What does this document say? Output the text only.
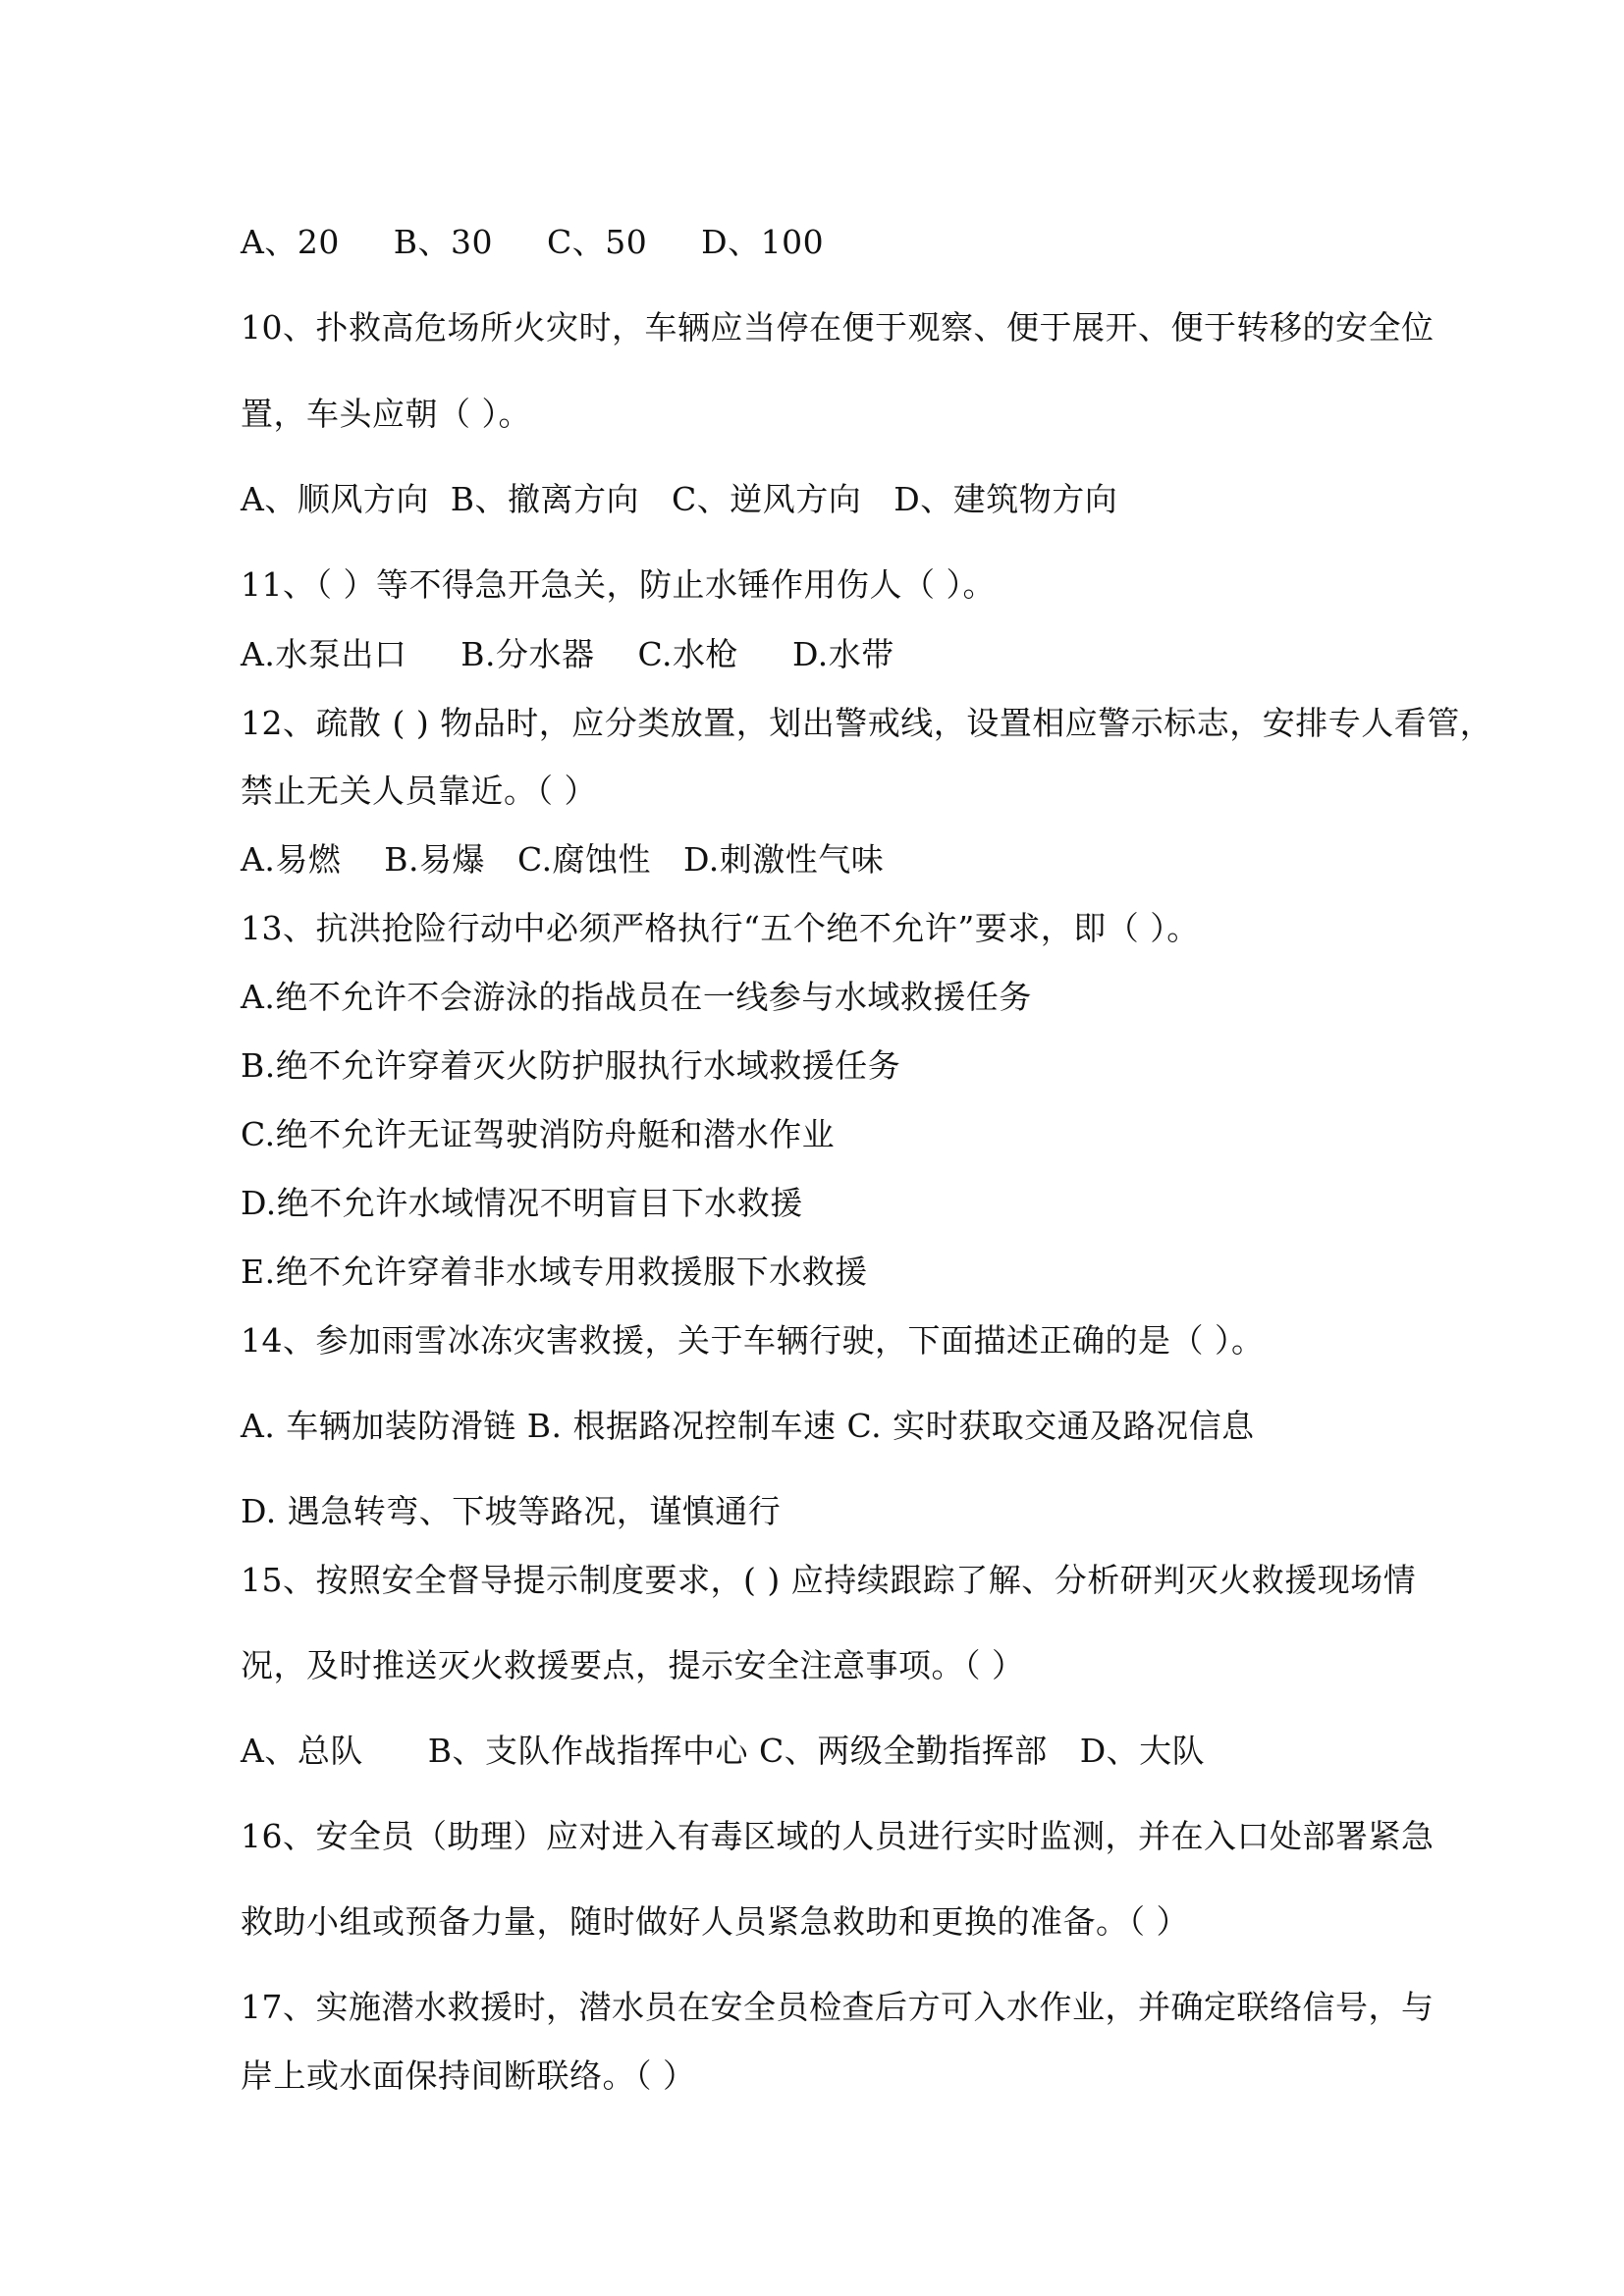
A、20     B、30     C、50     D、100
10、扑救高危场所火灾时，车辆应当停在便于观察、便于展开、便于转移的安全位
置，车头应朝（ ）。
A、顺风方向  B、撤离方向   C、逆风方向   D、建筑物方向
11、（ ）等不得急开急关，防止水锤作用伤人（ ）。
A.水泵出口     B.分水器    C.水枪     D.水带
12、疏散 ( ) 物品时，应分类放置，划出警戒线，设置相应警示标志，安排专人看管，
禁止无关人员靠近。（ ）
A.易燃    B.易爆   C.腐蚀性   D.刺激性气味
13、抗洪抢险行动中必须严格执行“五个绝不允许”要求，即（ ）。
A.绝不允许不会游泳的指战员在一线参与水域救援任务
B.绝不允许穿着灭火防护服执行水域救援任务
C.绝不允许无证驾驶消防舟艇和潜水作业
D.绝不允许水域情况不明盲目下水救援
E.绝不允许穿着非水域专用救援服下水救援
14、参加雨雪冰冻灾害救援，关于车辆行驶，下面描述正确的是（ ）。
A. 车辆加装防滑链 B. 根据路况控制车速 C. 实时获取交通及路况信息
D. 遇急转弯、下坡等路况，谨慎通行
15、按照安全督导提示制度要求，( ) 应持续跟踪了解、分析研判灭火救援现场情
况，及时推送灭火救援要点，提示安全注意事项。（ ）
A、总队      B、支队作战指挥中心 C、两级全勤指挥部   D、大队
16、安全员（助理）应对进入有毒区域的人员进行实时监测，并在入口处部署紧急
救助小组或预备力量，随时做好人员紧急救助和更换的准备。（ ）
17、实施潜水救援时，潜水员在安全员检查后方可入水作业，并确定联络信号，与
岸上或水面保持间断联络。（ ）
